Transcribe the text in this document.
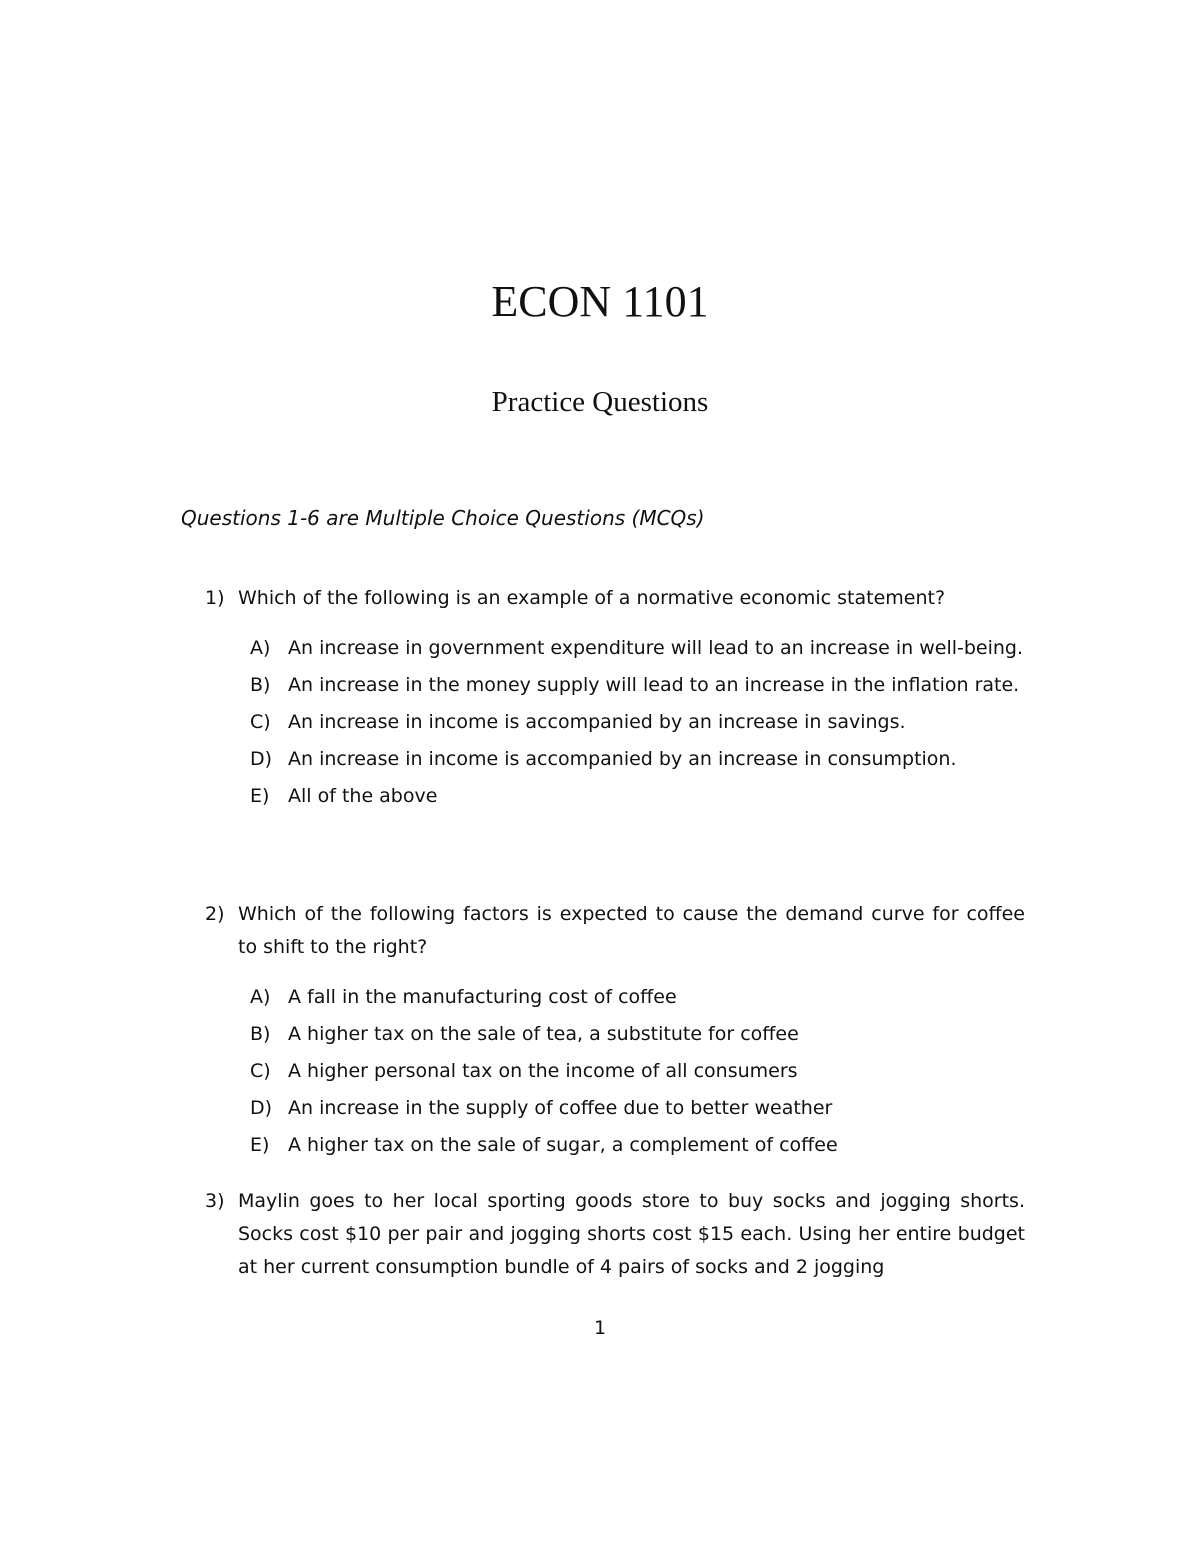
ECON 1101
Practice Questions

Questions 1-6 are Multiple Choice Questions (MCQs)

1) Which of the following is an example of a normative economic statement?
A) An increase in government expenditure will lead to an increase in well-being.
B) An increase in the money supply will lead to an increase in the inflation rate.
C) An increase in income is accompanied by an increase in savings.
D) An increase in income is accompanied by an increase in consumption.
E) All of the above
2) Which of the following factors is expected to cause the demand curve for coffee to shift to the right?
A) A fall in the manufacturing cost of coffee
B) A higher tax on the sale of tea, a substitute for coffee
C) A higher personal tax on the income of all consumers
D) An increase in the supply of coffee due to better weather
E) A higher tax on the sale of sugar, a complement of coffee
3) Maylin goes to her local sporting goods store to buy socks and jogging shorts. Socks cost $10 per pair and jogging shorts cost $15 each. Using her entire budget at her current consumption bundle of 4 pairs of socks and 2 jogging
1
